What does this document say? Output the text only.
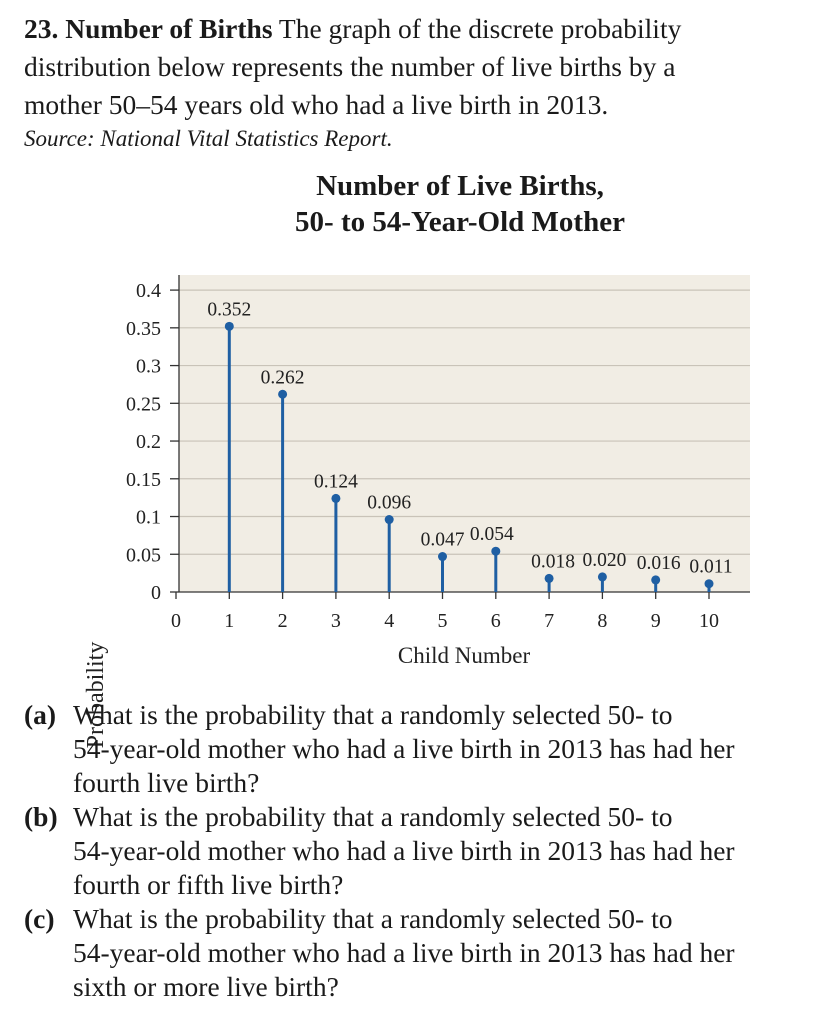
23. Number of Births The graph of the discrete probability
distribution below represents the number of live births by a
mother 50–54 years old who had a live birth in 2013.
Source: National Vital Statistics Report.
Number of Live Births,
50- to 54-Year-Old Mother
0
0.05
0.1
0.15
0.2
0.25
0.3
0.35
0.4
0 1 2 3 4 5 6 7 8 9 10
0.352
0.262
0.124
0.096
0.047 0.054
0.018 0.020 0.016 0.011
Probability	Child Number
(a) What is the probability that a randomly selected 50- to
54-year-old mother who had a live birth in 2013 has had her
fourth live birth?
(b) What is the probability that a randomly selected 50- to
54-year-old mother who had a live birth in 2013 has had her
fourth or fifth live birth?
(c) What is the probability that a randomly selected 50- to
54-year-old mother who had a live birth in 2013 has had her
sixth or more live birth?
